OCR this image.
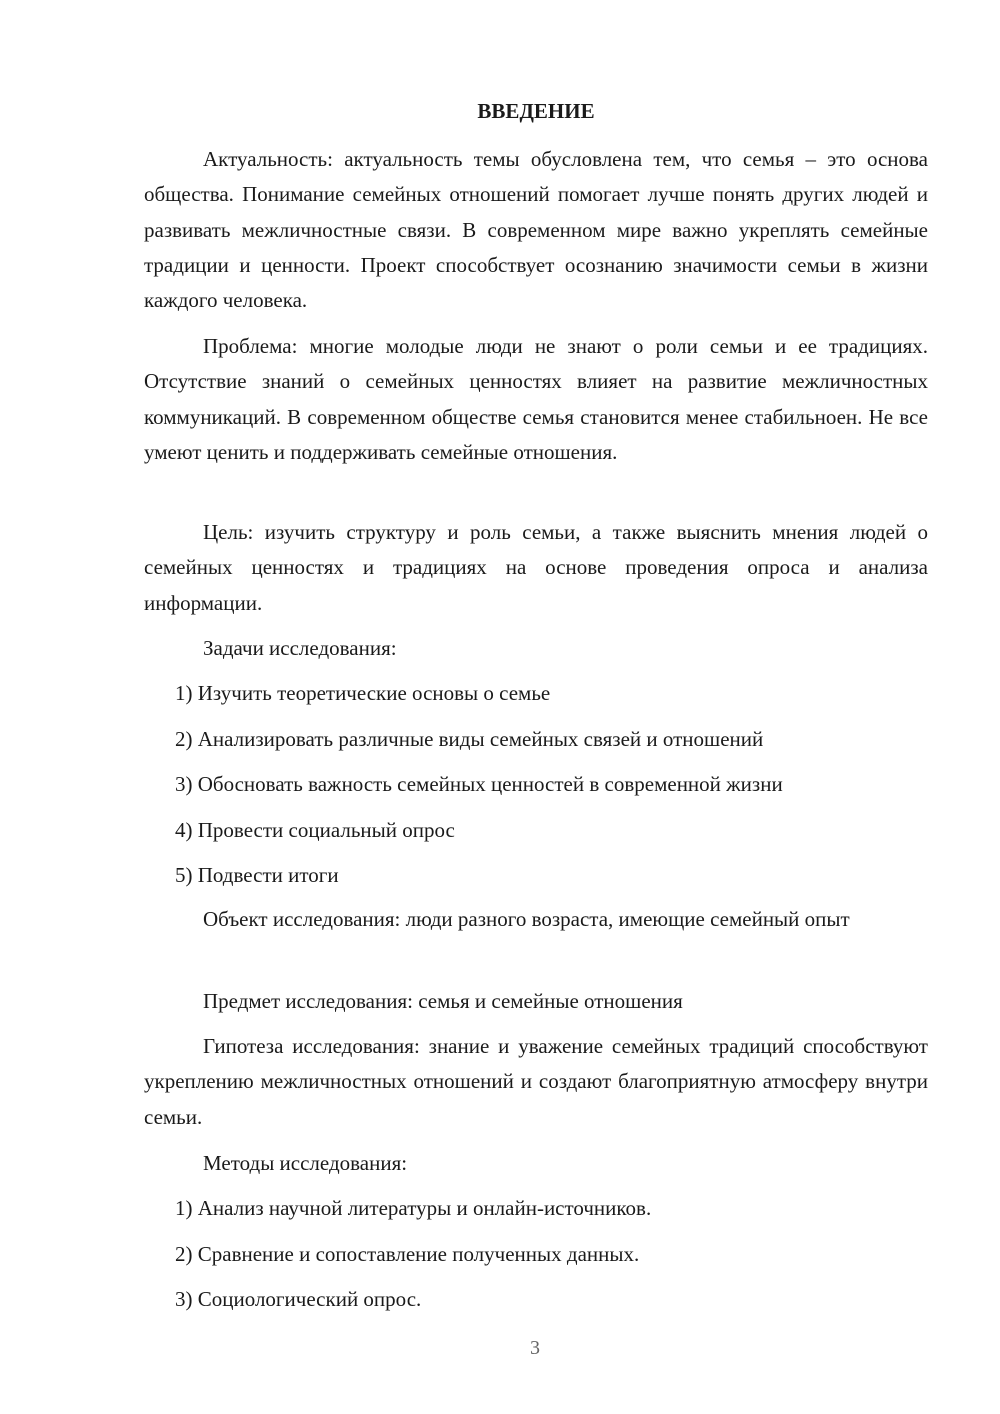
ВВЕДЕНИЕ

Актуальность: актуальность темы обусловлена тем, что семья – это основа общества. Понимание семейных отношений помогает лучше понять других людей и развивать межличностные связи. В современном мире важно укреплять семейные традиции и ценности. Проект способствует осознанию значимости семьи в жизни каждого человека.

Проблема: многие молодые люди не знают о роли семьи и ее традициях. Отсутствие знаний о семейных ценностях влияет на развитие межличностных коммуникаций. В современном обществе семья становится менее стабильноен. Не все умеют ценить и поддерживать семейные отношения.

Цель: изучить структуру и роль семьи, а также выяснить мнения людей о семейных ценностях и традициях на основе проведения опроса и анализа информации.

Задачи исследования:

1) Изучить теоретические основы о семье

2) Анализировать различные виды семейных связей и отношений

3) Обосновать важность семейных ценностей в современной жизни

4) Провести социальный опрос

5) Подвести итоги

Объект исследования: люди разного возраста, имеющие семейный опыт

Предмет исследования: семья и семейные отношения

Гипотеза исследования: знание и уважение семейных традиций способствуют укреплению межличностных отношений и создают благоприятную атмосферу внутри семьи.

Методы исследования:

1) Анализ научной литературы и онлайн-источников.

2) Сравнение и сопоставление полученных данных.

3) Социологический опрос.

3
